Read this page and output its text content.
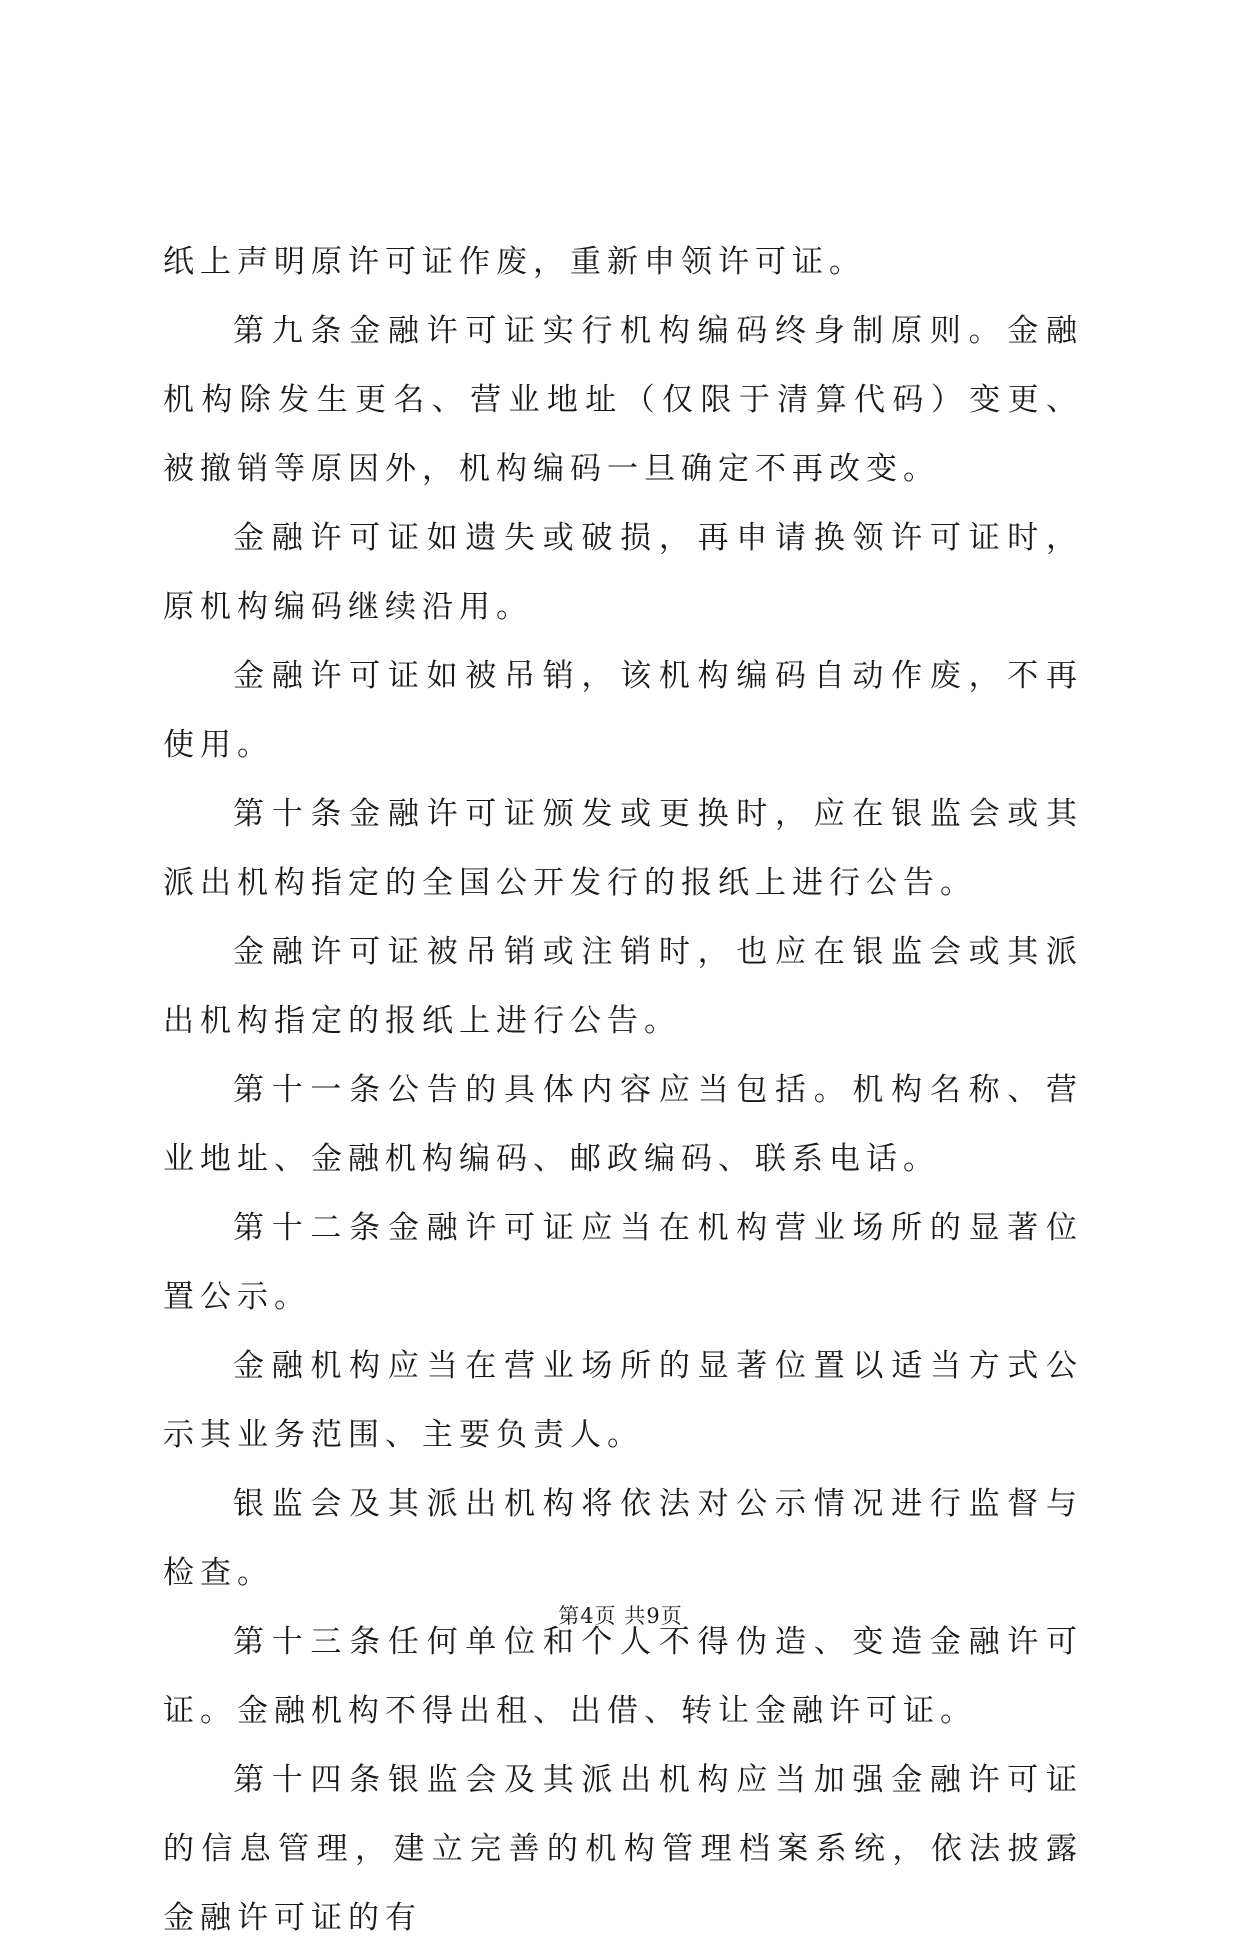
纸上声明原许可证作废，重新申领许可证。

第九条金融许可证实行机构编码终身制原则。金融机构除发生更名、营业地址（仅限于清算代码）变更、被撤销等原因外，机构编码一旦确定不再改变。

金融许可证如遗失或破损，再申请换领许可证时，原机构编码继续沿用。

金融许可证如被吊销，该机构编码自动作废，不再使用。

第十条金融许可证颁发或更换时，应在银监会或其派出机构指定的全国公开发行的报纸上进行公告。

金融许可证被吊销或注销时，也应在银监会或其派出机构指定的报纸上进行公告。

第十一条公告的具体内容应当包括。机构名称、营业地址、金融机构编码、邮政编码、联系电话。

第十二条金融许可证应当在机构营业场所的显著位置公示。

金融机构应当在营业场所的显著位置以适当方式公示其业务范围、主要负责人。

银监会及其派出机构将依法对公示情况进行监督与检查。

第十三条任何单位和个人不得伪造、变造金融许可证。金融机构不得出租、出借、转让金融许可证。

第十四条银监会及其派出机构应当加强金融许可证的信息管理，建立完善的机构管理档案系统，依法披露金融许可证的有

第4页 共9页
